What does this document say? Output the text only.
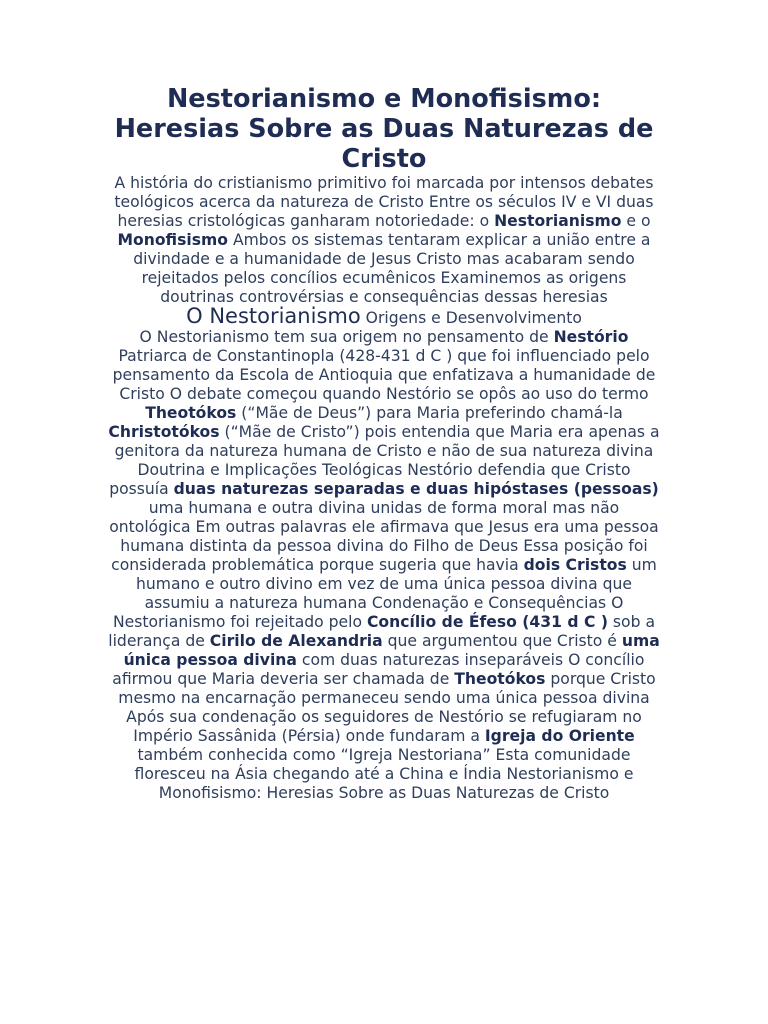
Nestorianismo e Monofisismo: Heresias Sobre as Duas Naturezas de Cristo

A história do cristianismo primitivo foi marcada por intensos debates teológicos acerca da natureza de Cristo Entre os séculos IV e VI duas heresias cristológicas ganharam notoriedade: o Nestorianismo e o Monofisismo Ambos os sistemas tentaram explicar a união entre a divindade e a humanidade de Jesus Cristo mas acabaram sendo rejeitados pelos concílios ecumênicos Examinemos as origens doutrinas controvérsias e consequências dessas heresias

O Nestorianismo Origens e Desenvolvimento

O Nestorianismo tem sua origem no pensamento de Nestório Patriarca de Constantinopla (428-431 d C ) que foi influenciado pelo pensamento da Escola de Antioquia que enfatizava a humanidade de Cristo O debate começou quando Nestório se opôs ao uso do termo Theotókos (“Mãe de Deus”) para Maria preferindo chamá-la Christotókos (“Mãe de Cristo”) pois entendia que Maria era apenas a genitora da natureza humana de Cristo e não de sua natureza divina Doutrina e Implicações Teológicas Nestório defendia que Cristo possuía duas naturezas separadas e duas hipóstases (pessoas) uma humana e outra divina unidas de forma moral mas não ontológica Em outras palavras ele afirmava que Jesus era uma pessoa humana distinta da pessoa divina do Filho de Deus Essa posição foi considerada problemática porque sugeria que havia dois Cristos um humano e outro divino em vez de uma única pessoa divina que assumiu a natureza humana Condenação e Consequências O Nestorianismo foi rejeitado pelo Concílio de Éfeso (431 d C ) sob a liderança de Cirilo de Alexandria que argumentou que Cristo é uma única pessoa divina com duas naturezas inseparáveis O concílio afirmou que Maria deveria ser chamada de Theotókos porque Cristo mesmo na encarnação permaneceu sendo uma única pessoa divina Após sua condenação os seguidores de Nestório se refugiaram no Império Sassânida (Pérsia) onde fundaram a Igreja do Oriente também conhecida como “Igreja Nestoriana” Esta comunidade floresceu na Ásia chegando até a China e Índia Nestorianismo e Monofisismo: Heresias Sobre as Duas Naturezas de Cristo
